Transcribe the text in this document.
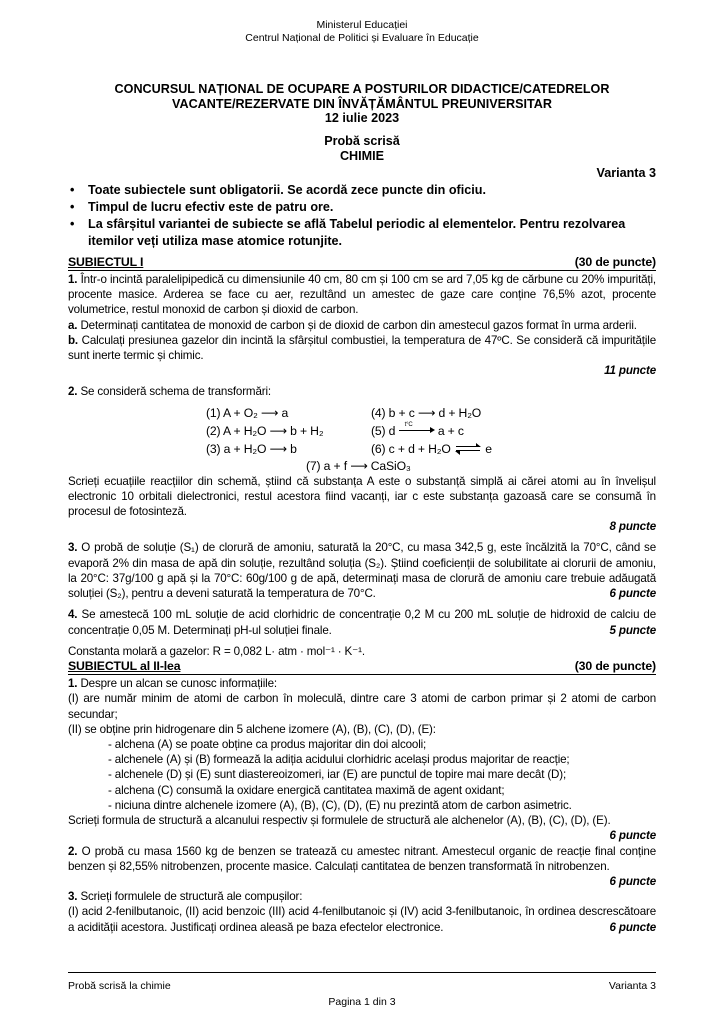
Ministerul Educației
Centrul Național de Politici și Evaluare în Educație
CONCURSUL NAȚIONAL DE OCUPARE A POSTURILOR DIDACTICE/CATEDRELOR
VACANTE/REZERVATE DIN ÎNVĂȚĂMÂNTUL PREUNIVERSITAR
12 iulie 2023
Probă scrisă
CHIMIE
Varianta 3
• Toate subiectele sunt obligatorii. Se acordă zece puncte din oficiu.
• Timpul de lucru efectiv este de patru ore.
• La sfârșitul variantei de subiecte se află Tabelul periodic al elementelor. Pentru rezolvarea itemilor veți utiliza mase atomice rotunjite.
SUBIECTUL I	(30 de puncte)

1. Într-o incintă paralelipipedică cu dimensiunile 40 cm, 80 cm și 100 cm se ard 7,05 kg de cărbune cu 20% impurități, procente masice. Arderea se face cu aer, rezultând un amestec de gaze care conține 76,5% azot, procente volumetrice, restul monoxid de carbon și dioxid de carbon.

a. Determinați cantitatea de monoxid de carbon și de dioxid de carbon din amestecul gazos format în urma arderii.

b. Calculați presiunea gazelor din incintă la sfârșitul combustiei, la temperatura de 47ºC. Se consideră că impuritățile sunt inerte termic și chimic.

11 puncte

2. Se consideră schema de transformări:

(1) A + O₂ ⟶ a
(2) A + H₂O ⟶ b + H₂
(3) a + H₂O ⟶ b
(4) b + c ⟶ d + H₂O
(5) d t°C a + c
(6) c + d + H₂O ⇌ e
(7) a + f ⟶ CaSiO₃

Scrieți ecuațiile reacțiilor din schemă, știind că substanța A este o substanță simplă ai cărei atomi au în învelișul electronic 10 orbitali dielectronici, restul acestora fiind vacanți, iar c este substanța gazoasă care se consumă în procesul de fotosinteză.

8 puncte

3. O probă de soluție (S₁) de clorură de amoniu, saturată la 20°C, cu masa 342,5 g, este încălzită la 70°C, când se evaporă 2% din masa de apă din soluție, rezultând soluția (S₂). Știind coeficienții de solubilitate ai clorurii de amoniu, la 20°C: 37g/100 g apă și la 70°C: 60g/100 g de apă, determinați masa de clorură de amoniu care trebuie adăugată soluției (S₂), pentru a deveni saturată la temperatura de 70°C.	6 puncte

4. Se amestecă 100 mL soluție de acid clorhidric de concentrație 0,2 M cu 200 mL soluție de hidroxid de calciu de concentrație 0,05 M. Determinați pH-ul soluției finale.	5 puncte

Constanta molară a gazelor: R = 0,082 L· atm · mol⁻¹ · K⁻¹.

SUBIECTUL al II-lea	(30 de puncte)

1. Despre un alcan se cunosc informațiile:

(I) are număr minim de atomi de carbon în moleculă, dintre care 3 atomi de carbon primar și 2 atomi de carbon secundar;

(II) se obține prin hidrogenare din 5 alchene izomere (A), (B), (C), (D), (E):

- alchena (A) se poate obține ca produs majoritar din doi alcooli;

- alchenele (A) și (B) formează la adiția acidului clorhidric același produs majoritar de reacție;

- alchenele (D) și (E) sunt diastereoizomeri, iar (E) are punctul de topire mai mare decât (D);

- alchena (C) consumă la oxidare energică cantitatea maximă de agent oxidant;

- niciuna dintre alchenele izomere (A), (B), (C), (D), (E) nu prezintă atom de carbon asimetric.

Scrieți formula de structură a alcanului respectiv și formulele de structură ale alchenelor (A), (B), (C), (D), (E).

6 puncte

2. O probă cu masa 1560 kg de benzen se tratează cu amestec nitrant. Amestecul organic de reacție final conține benzen și 82,55% nitrobenzen, procente masice. Calculați cantitatea de benzen transformată în nitrobenzen.

6 puncte

3. Scrieți formulele de structură ale compușilor:

(I) acid 2-fenilbutanoic, (II) acid benzoic (III) acid 4-fenilbutanoic și (IV) acid 3-fenilbutanoic, în ordinea descrescătoare a acidității acestora. Justificați ordinea aleasă pe baza efectelor electronice.	6 puncte
Probă scrisă la chimie	Varianta 3
Pagina 1 din 3
